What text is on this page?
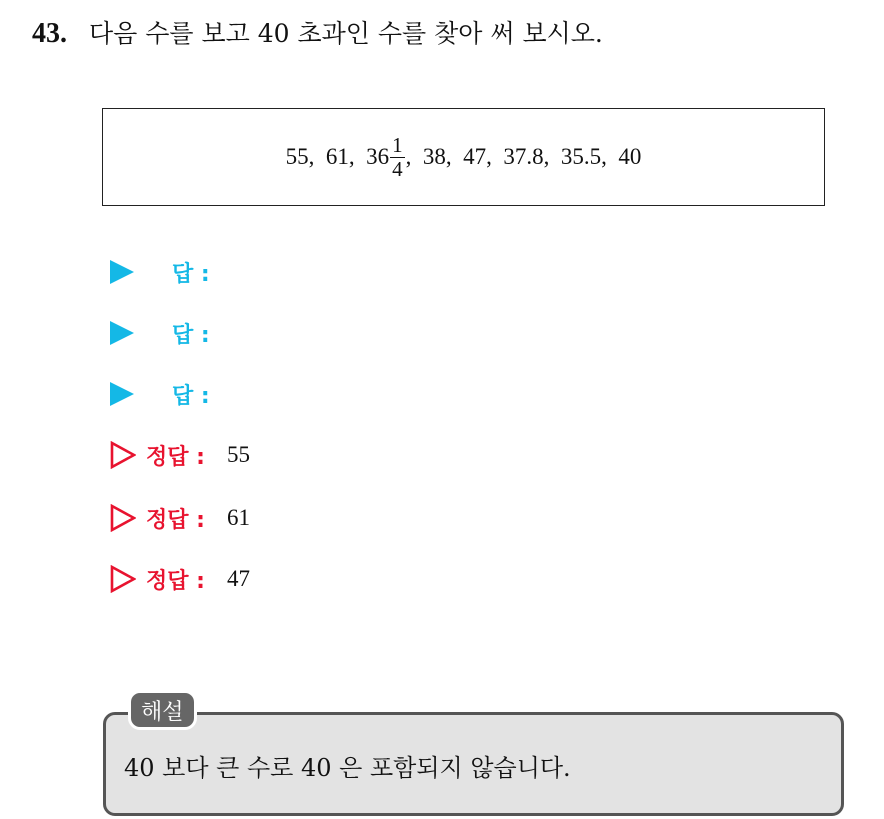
43. 다음 수를 보고 40 초과인 수를 찾아 써 보시오.
55,  61,  $36 \frac{1}{4}$ ,  38,  47,  37.8,  35.5,  40
답 :
답 :
답 :
정답 : 55
정답 : 61
정답 : 47
해설
40 보다 큰 수로 40 은 포함되지 않습니다.
